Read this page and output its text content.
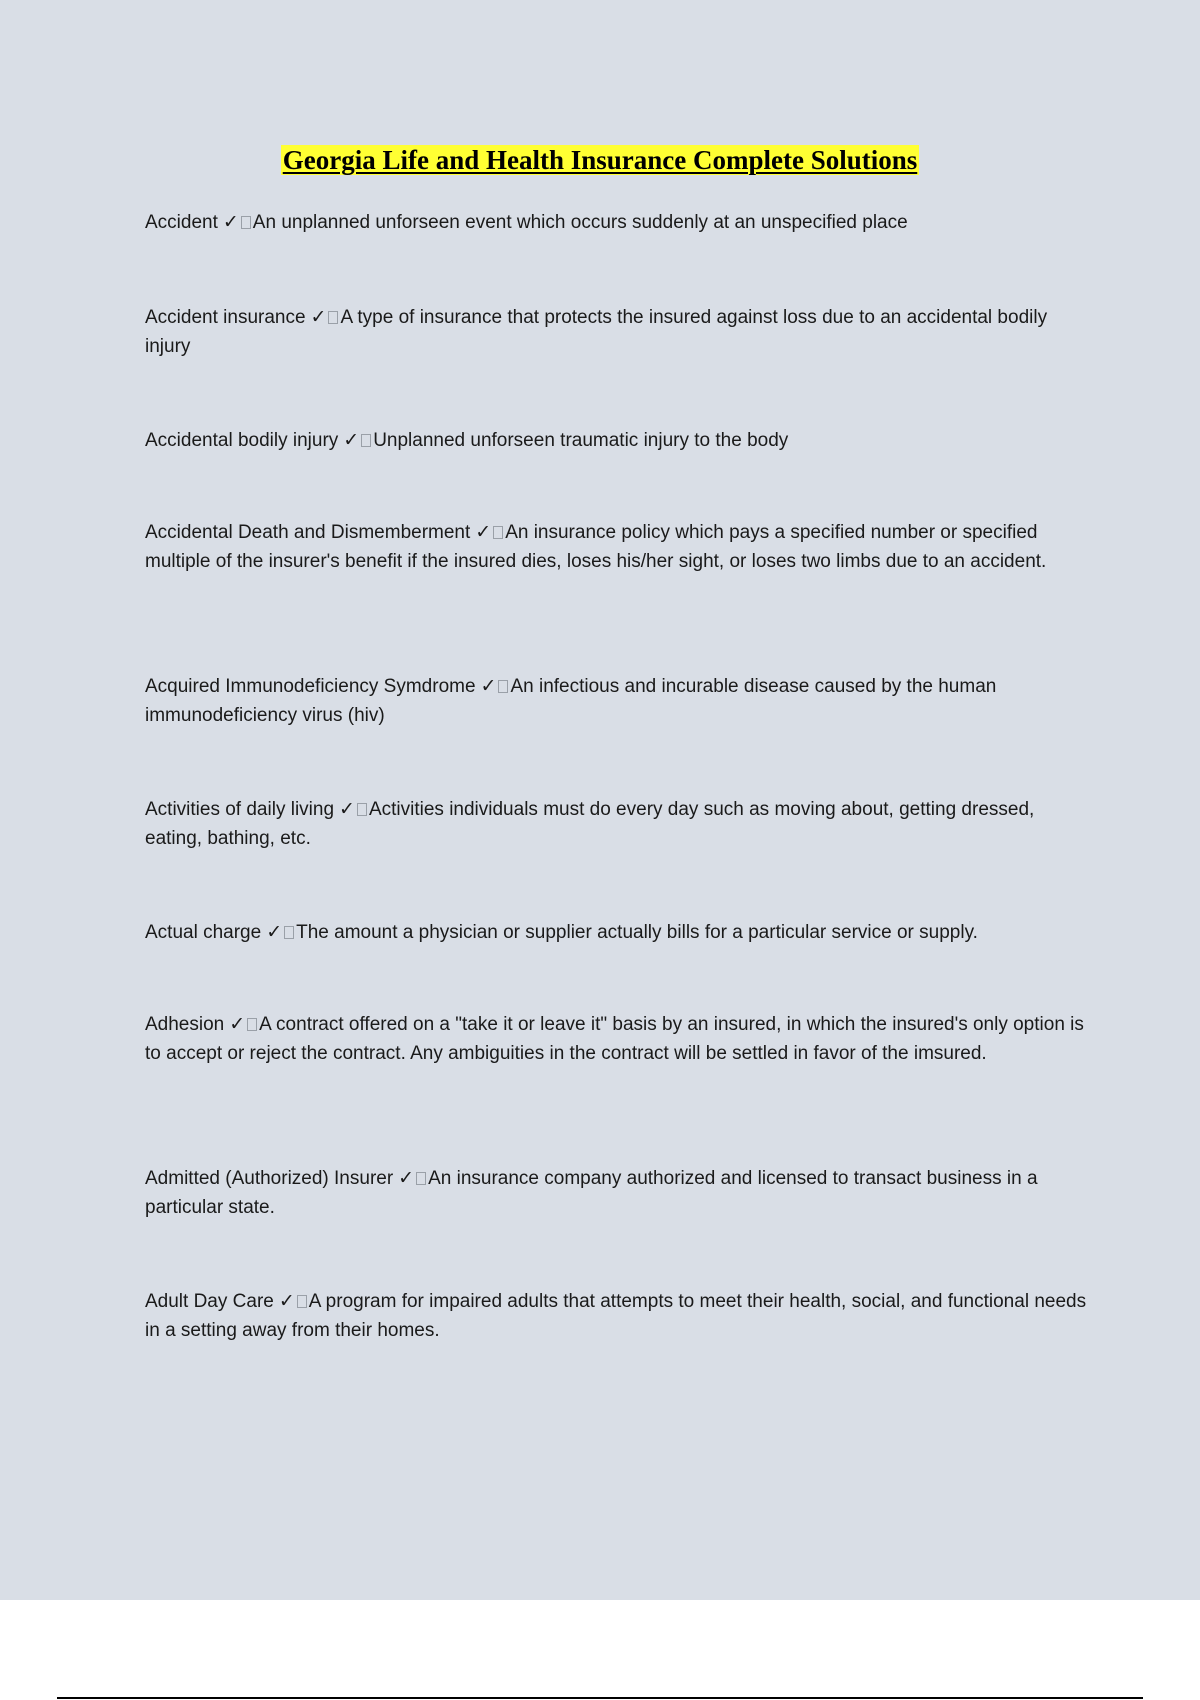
Georgia Life and Health Insurance Complete Solutions
Accident ✓ An unplanned unforseen event which occurs suddenly at an unspecified place
Accident insurance ✓ A type of insurance that protects the insured against loss due to an accidental bodily injury
Accidental bodily injury ✓ Unplanned unforseen traumatic injury to the body
Accidental Death and Dismemberment ✓ An insurance policy which pays a specified number or specified multiple of the insurer's benefit if the insured dies, loses his/her sight, or loses two limbs due to an accident.
Acquired Immunodeficiency Symdrome ✓ An infectious and incurable disease caused by the human immunodeficiency virus (hiv)
Activities of daily living ✓ Activities individuals must do every day such as moving about, getting dressed, eating, bathing, etc.
Actual charge ✓ The amount a physician or supplier actually bills for a particular service or supply.
Adhesion ✓ A contract offered on a "take it or leave it" basis by an insured, in which the insured's only option is to accept or reject the contract. Any ambiguities in the contract will be settled in favor of the imsured.
Admitted (Authorized) Insurer ✓ An insurance company authorized and licensed to transact business in a particular state.
Adult Day Care ✓ A program for impaired adults that attempts to meet their health, social, and functional needs in a setting away from their homes.
